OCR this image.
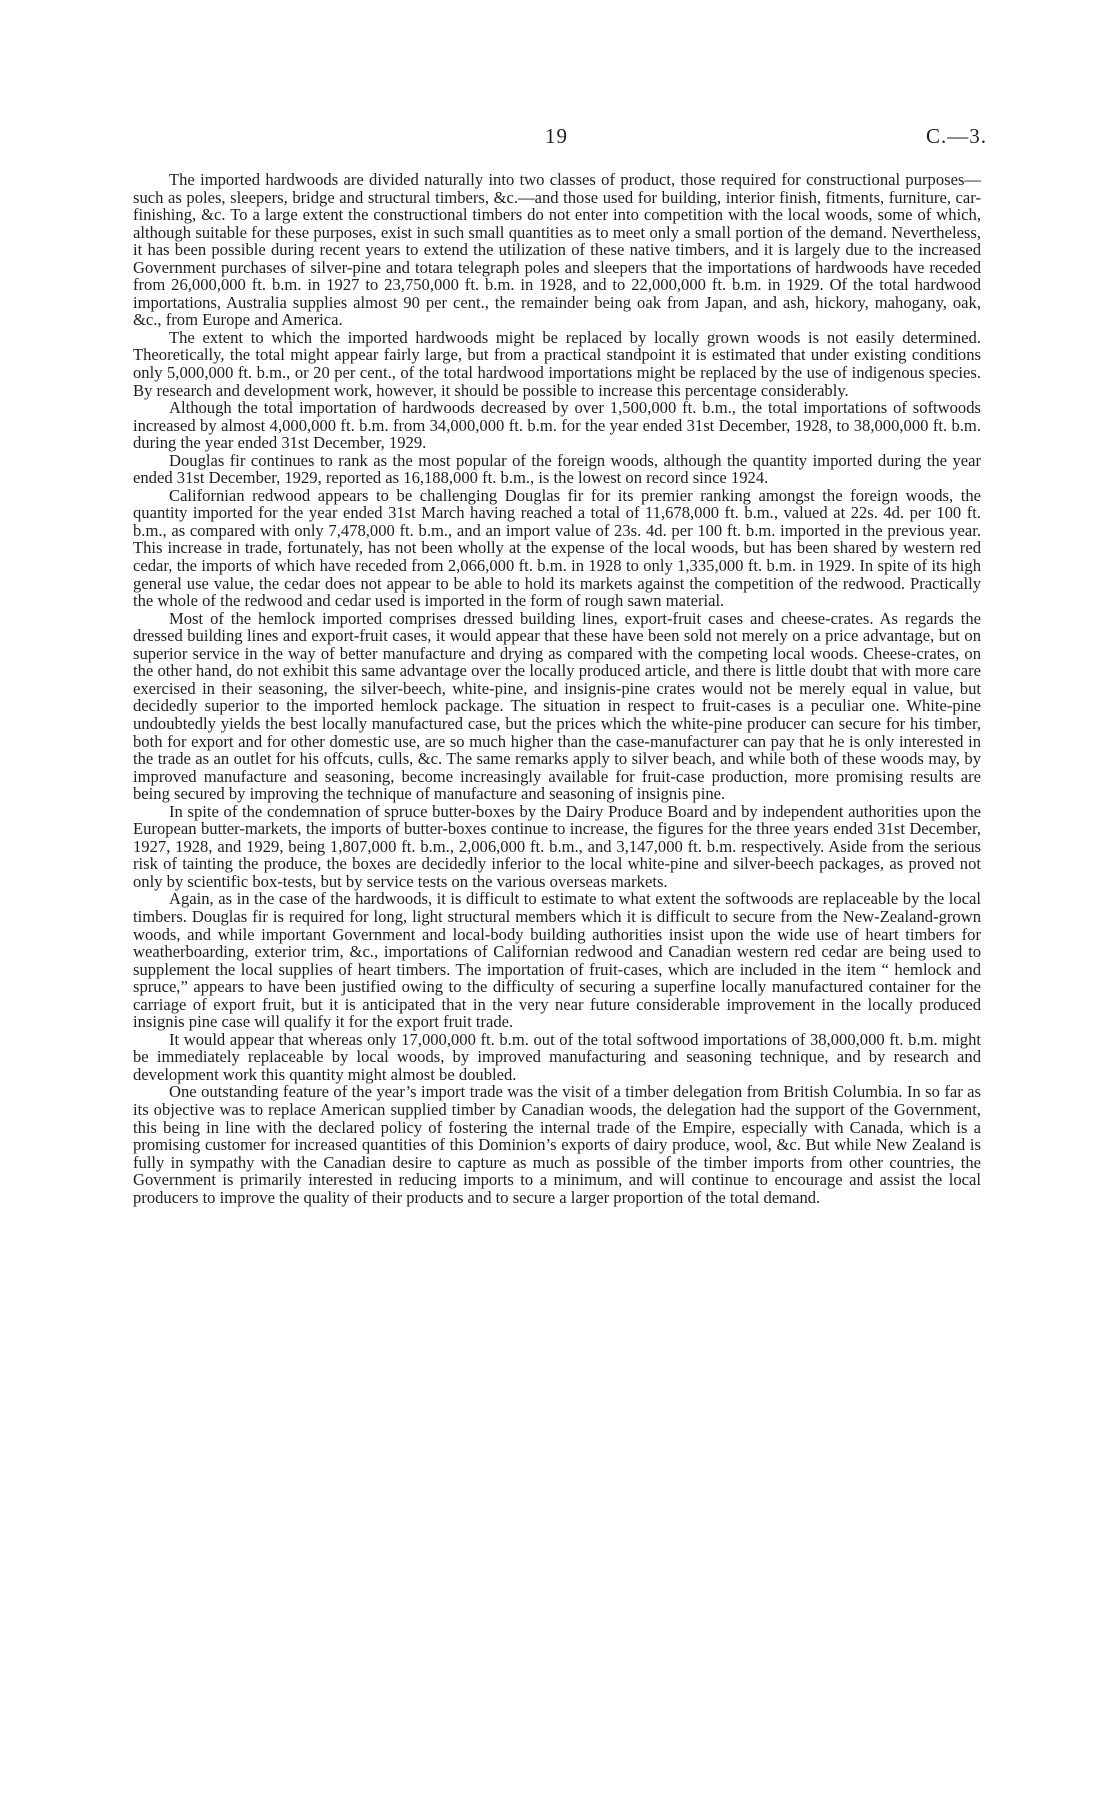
19	C.—3.

The imported hardwoods are divided naturally into two classes of product, those required for constructional purposes—such as poles, sleepers, bridge and structural timbers, &c.—and those used for building, interior finish, fitments, furniture, car-finishing, &c. To a large extent the constructional timbers do not enter into competition with the local woods, some of which, although suitable for these purposes, exist in such small quantities as to meet only a small portion of the demand. Nevertheless, it has been possible during recent years to extend the utilization of these native timbers, and it is largely due to the increased Government purchases of silver-pine and totara telegraph poles and sleepers that the importations of hardwoods have receded from 26,000,000 ft. b.m. in 1927 to 23,750,000 ft. b.m. in 1928, and to 22,000,000 ft. b.m. in 1929. Of the total hardwood importations, Australia supplies almost 90 per cent., the remainder being oak from Japan, and ash, hickory, mahogany, oak, &c., from Europe and America.

The extent to which the imported hardwoods might be replaced by locally grown woods is not easily determined. Theoretically, the total might appear fairly large, but from a practical standpoint it is estimated that under existing conditions only 5,000,000 ft. b.m., or 20 per cent., of the total hardwood importations might be replaced by the use of indigenous species. By research and development work, however, it should be possible to increase this percentage considerably.

Although the total importation of hardwoods decreased by over 1,500,000 ft. b.m., the total importations of softwoods increased by almost 4,000,000 ft. b.m. from 34,000,000 ft. b.m. for the year ended 31st December, 1928, to 38,000,000 ft. b.m. during the year ended 31st December, 1929.

Douglas fir continues to rank as the most popular of the foreign woods, although the quantity imported during the year ended 31st December, 1929, reported as 16,188,000 ft. b.m., is the lowest on record since 1924.

Californian redwood appears to be challenging Douglas fir for its premier ranking amongst the foreign woods, the quantity imported for the year ended 31st March having reached a total of 11,678,000 ft. b.m., valued at 22s. 4d. per 100 ft. b.m., as compared with only 7,478,000 ft. b.m., and an import value of 23s. 4d. per 100 ft. b.m. imported in the previous year. This increase in trade, fortunately, has not been wholly at the expense of the local woods, but has been shared by western red cedar, the imports of which have receded from 2,066,000 ft. b.m. in 1928 to only 1,335,000 ft. b.m. in 1929. In spite of its high general use value, the cedar does not appear to be able to hold its markets against the competition of the redwood. Practically the whole of the redwood and cedar used is imported in the form of rough sawn material.

Most of the hemlock imported comprises dressed building lines, export-fruit cases and cheese-crates. As regards the dressed building lines and export-fruit cases, it would appear that these have been sold not merely on a price advantage, but on superior service in the way of better manufacture and drying as compared with the competing local woods. Cheese-crates, on the other hand, do not exhibit this same advantage over the locally produced article, and there is little doubt that with more care exercised in their seasoning, the silver-beech, white-pine, and insignis-pine crates would not be merely equal in value, but decidedly superior to the imported hemlock package. The situation in respect to fruit-cases is a peculiar one. White-pine undoubtedly yields the best locally manufactured case, but the prices which the white-pine producer can secure for his timber, both for export and for other domestic use, are so much higher than the case-manufacturer can pay that he is only interested in the trade as an outlet for his offcuts, culls, &c. The same remarks apply to silver beach, and while both of these woods may, by improved manufacture and seasoning, become increasingly available for fruit-case production, more promising results are being secured by improving the technique of manufacture and seasoning of insignis pine.

In spite of the condemnation of spruce butter-boxes by the Dairy Produce Board and by independent authorities upon the European butter-markets, the imports of butter-boxes continue to increase, the figures for the three years ended 31st December, 1927, 1928, and 1929, being 1,807,000 ft. b.m., 2,006,000 ft. b.m., and 3,147,000 ft. b.m. respectively. Aside from the serious risk of tainting the produce, the boxes are decidedly inferior to the local white-pine and silver-beech packages, as proved not only by scientific box-tests, but by service tests on the various overseas markets.

Again, as in the case of the hardwoods, it is difficult to estimate to what extent the softwoods are replaceable by the local timbers. Douglas fir is required for long, light structural members which it is difficult to secure from the New-Zealand-grown woods, and while important Government and local-body building authorities insist upon the wide use of heart timbers for weatherboarding, exterior trim, &c., importations of Californian redwood and Canadian western red cedar are being used to supplement the local supplies of heart timbers. The importation of fruit-cases, which are included in the item “ hemlock and spruce,” appears to have been justified owing to the difficulty of securing a superfine locally manufactured container for the carriage of export fruit, but it is anticipated that in the very near future considerable improvement in the locally produced insignis pine case will qualify it for the export fruit trade.

It would appear that whereas only 17,000,000 ft. b.m. out of the total softwood importations of 38,000,000 ft. b.m. might be immediately replaceable by local woods, by improved manufacturing and seasoning technique, and by research and development work this quantity might almost be doubled.

One outstanding feature of the year’s import trade was the visit of a timber delegation from British Columbia. In so far as its objective was to replace American supplied timber by Canadian woods, the delegation had the support of the Government, this being in line with the declared policy of fostering the internal trade of the Empire, especially with Canada, which is a promising customer for increased quantities of this Dominion’s exports of dairy produce, wool, &c. But while New Zealand is fully in sympathy with the Canadian desire to capture as much as possible of the timber imports from other countries, the Government is primarily interested in reducing imports to a minimum, and will continue to encourage and assist the local producers to improve the quality of their products and to secure a larger proportion of the total demand.
